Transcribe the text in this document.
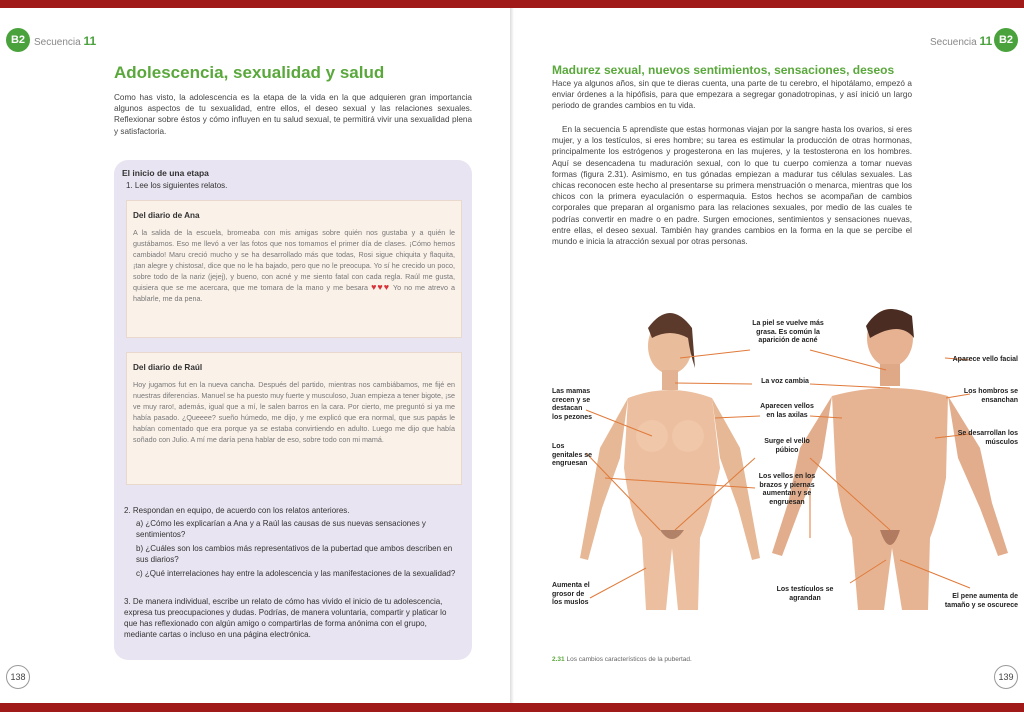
B2 Secuencia 11
Adolescencia, sexualidad y salud
Como has visto, la adolescencia es la etapa de la vida en la que adquieren gran importancia algunos aspectos de tu sexualidad, entre ellos, el deseo sexual y las relaciones sexuales. Reflexionar sobre éstos y cómo influyen en tu salud sexual, te permitirá vivir una sexualidad plena y satisfactoria.
El inicio de una etapa
1. Lee los siguientes relatos.
Del diario de Ana
A la salida de la escuela, bromeaba con mis amigas sobre quién nos gustaba y a quién le gustábamos. Eso me llevó a ver las fotos que nos tomamos el primer día de clases. ¡Cómo hemos cambiado! Maru creció mucho y se ha desarrollado más que todas, Rosi sigue chiquita y flaquita, ¡tan alegre y chistosa!, dice que no le ha bajado, pero que no le preocupa. Yo sí he crecido un poco, sobre todo de la nariz (jejej), y bueno, con acné y me siento fatal con cada regla. Raúl me gusta, quisiera que se me acercara, que me tomara de la mano y me besara ♥♥♥ Yo no me atrevo a hablarle, me da pena.
Del diario de Raúl
Hoy jugamos fut en la nueva cancha. Después del partido, mientras nos cambiábamos, me fijé en nuestras diferencias. Manuel se ha puesto muy fuerte y musculoso, Juan empieza a tener bigote, ¡se ve muy raro!, además, igual que a mí, le salen barros en la cara. Por cierto, me preguntó si ya me había pasado. ¿Queeee? sueño húmedo, me dijo, y me explicó que era normal, que sus papás le habían comentado que era porque ya se estaba convirtiendo en adulto. Luego me dijo que había soñado con Julio. A mí me daría pena hablar de eso, sobre todo con mi mamá.
2. Respondan en equipo, de acuerdo con los relatos anteriores.
a) ¿Cómo les explicarían a Ana y a Raúl las causas de sus nuevas sensaciones y sentimientos?
b) ¿Cuáles son los cambios más representativos de la pubertad que ambos describen en sus diarios?
c) ¿Qué interrelaciones hay entre la adolescencia y las manifestaciones de la sexualidad?
3. De manera individual, escribe un relato de cómo has vivido el inicio de tu adolescencia, expresa tus preocupaciones y dudas. Podrías, de manera voluntaria, compartir y platicar lo que has reflexionado con algún amigo o compartirlas de forma anónima con el grupo, mediante cartas o incluso en una página electrónica.
138
Secuencia 11 B2
Madurez sexual, nuevos sentimientos, sensaciones, deseos
Hace ya algunos años, sin que te dieras cuenta, una parte de tu cerebro, el hipotálamo, empezó a enviar órdenes a la hipófisis, para que empezara a segregar gonadotropinas, y así inició un largo periodo de grandes cambios en tu vida.
En la secuencia 5 aprendiste que estas hormonas viajan por la sangre hasta los ovarios, si eres mujer, y a los testículos, si eres hombre; su tarea es estimular la producción de otras hormonas, principalmente los estrógenos y progesterona en las mujeres, y la testosterona en los hombres. Aquí se desencadena tu maduración sexual, con lo que tu cuerpo comienza a tomar nuevas formas (figura 2.31). Asimismo, en tus gónadas empiezan a madurar tus células sexuales. Las chicas reconocen este hecho al presentarse su primera menstruación o menarca, mientras que los chicos con la primera eyaculación o espermaquia. Estos hechos se acompañan de cambios corporales que preparan al organismo para las relaciones sexuales, por medio de las cuales te podrías convertir en madre o en padre. Surgen emociones, sentimientos y sensaciones nuevas, entre ellas, el deseo sexual. También hay grandes cambios en la forma en la que se percibe el mundo e inicia la atracción sexual por otras personas.
La piel se vuelve más grasa. Es común la aparición de acné
La voz cambia
Aparecen vellos en las axilas
Surge el vello púbico
Los vellos en los brazos y piernas aumentan y se engruesan
Los testículos se agrandan
Las mamas crecen y se destacan los pezones
Los genitales se engruesan
Aumenta el grosor de los muslos
Aparece vello facial
Los hombros se ensanchan
Se desarrollan los músculos
El pene aumenta de tamaño y se oscurece
2.31 Los cambios característicos de la pubertad.
139
